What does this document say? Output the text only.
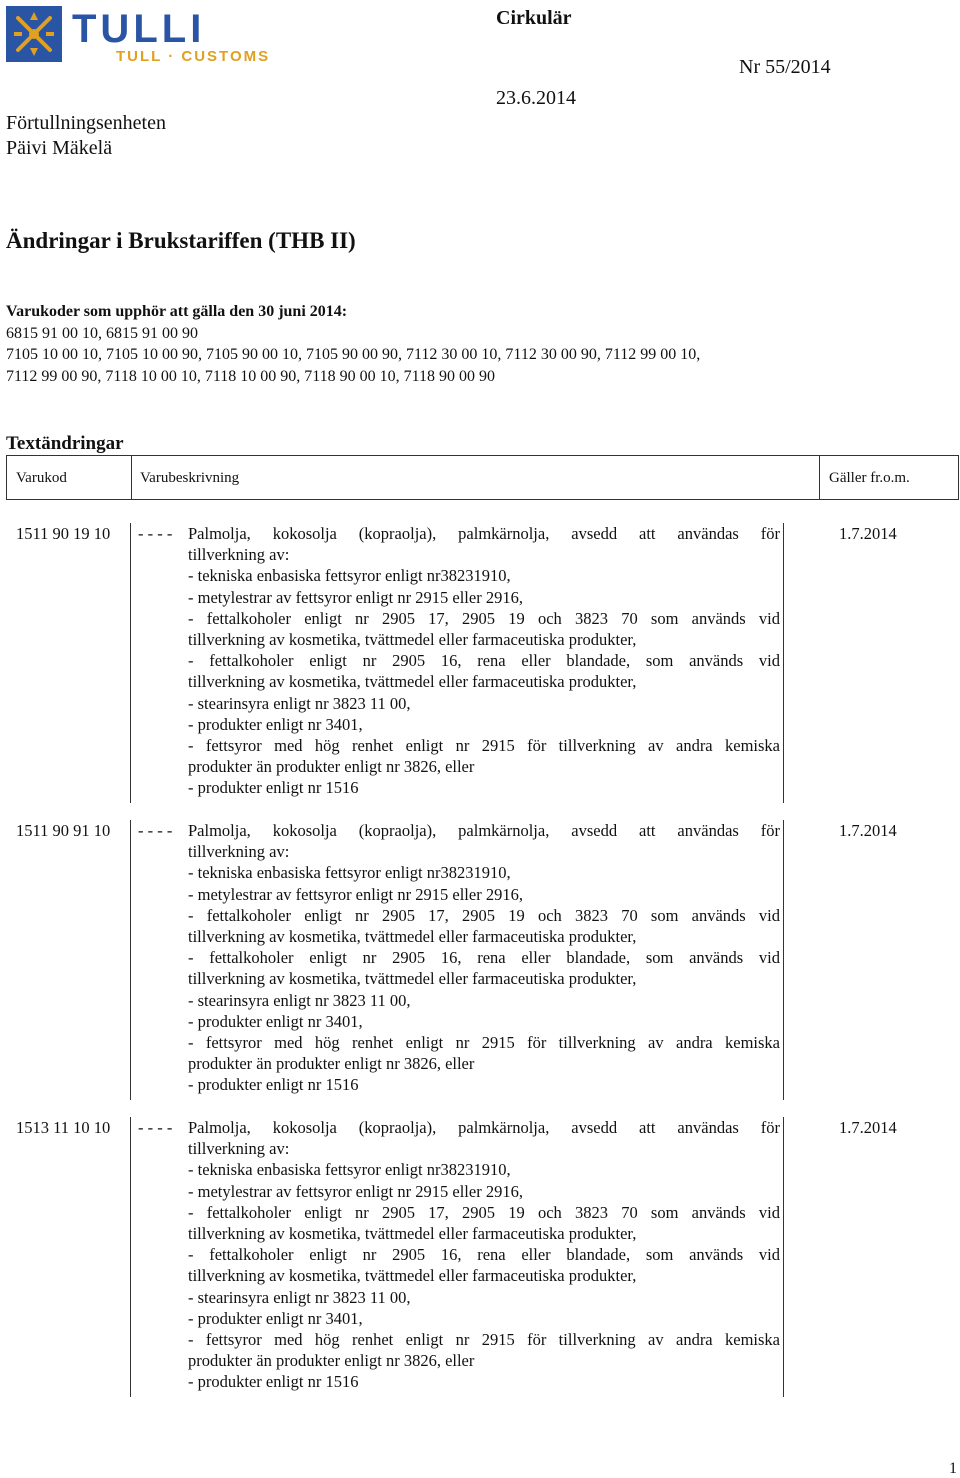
TULLI
TULL · CUSTOMS
Cirkulär
23.6.2014
Nr 55/2014
Förtullningsenheten
Päivi Mäkelä
Ändringar i Brukstariffen (THB II)
Varukoder som upphör att gälla den 30 juni 2014:
6815 91 00 10, 6815 91 00 90
7105 10 00 10, 7105 10 00 90, 7105 90 00 10, 7105 90 00 90, 7112 30 00 10, 7112 30 00 90, 7112 99 00 10,
7112 99 00 90, 7118 10 00 10, 7118 10 00 90, 7118 90 00 10, 7118 90 00 90
Textändringar
Varukod	Varubeskrivning	Gäller fr.o.m.
1511 90 19 10 - - - - Palmolja, kokosolja (kopraolja), palmkärnolja, avsedd att användas för
tillverkning av:
- tekniska enbasiska fettsyror enligt nr38231910,
- metylestrar av fettsyror enligt nr 2915 eller 2916,
- fettalkoholer enligt nr 2905 17, 2905 19 och 3823 70 som används vid
tillverkning av kosmetika, tvättmedel eller farmaceutiska produkter,
- fettalkoholer enligt nr 2905 16, rena eller blandade, som används vid
tillverkning av kosmetika, tvättmedel eller farmaceutiska produkter,
- stearinsyra enligt nr 3823 11 00,
- produkter enligt nr 3401,
- fettsyror med hög renhet enligt nr 2915 för tillverkning av andra kemiska
produkter än produkter enligt nr 3826, eller
- produkter enligt nr 1516
1.7.2014
1511 90 91 10 - - - - Palmolja, kokosolja (kopraolja), palmkärnolja, avsedd att användas för
tillverkning av:
- tekniska enbasiska fettsyror enligt nr38231910,
- metylestrar av fettsyror enligt nr 2915 eller 2916,
- fettalkoholer enligt nr 2905 17, 2905 19 och 3823 70 som används vid
tillverkning av kosmetika, tvättmedel eller farmaceutiska produkter,
- fettalkoholer enligt nr 2905 16, rena eller blandade, som används vid
tillverkning av kosmetika, tvättmedel eller farmaceutiska produkter,
- stearinsyra enligt nr 3823 11 00,
- produkter enligt nr 3401,
- fettsyror med hög renhet enligt nr 2915 för tillverkning av andra kemiska
produkter än produkter enligt nr 3826, eller
- produkter enligt nr 1516
1.7.2014
1513 11 10 10 - - - - Palmolja, kokosolja (kopraolja), palmkärnolja, avsedd att användas för
tillverkning av:
- tekniska enbasiska fettsyror enligt nr38231910,
- metylestrar av fettsyror enligt nr 2915 eller 2916,
- fettalkoholer enligt nr 2905 17, 2905 19 och 3823 70 som används vid
tillverkning av kosmetika, tvättmedel eller farmaceutiska produkter,
- fettalkoholer enligt nr 2905 16, rena eller blandade, som används vid
tillverkning av kosmetika, tvättmedel eller farmaceutiska produkter,
- stearinsyra enligt nr 3823 11 00,
- produkter enligt nr 3401,
- fettsyror med hög renhet enligt nr 2915 för tillverkning av andra kemiska
produkter än produkter enligt nr 3826, eller
- produkter enligt nr 1516
1.7.2014
1
